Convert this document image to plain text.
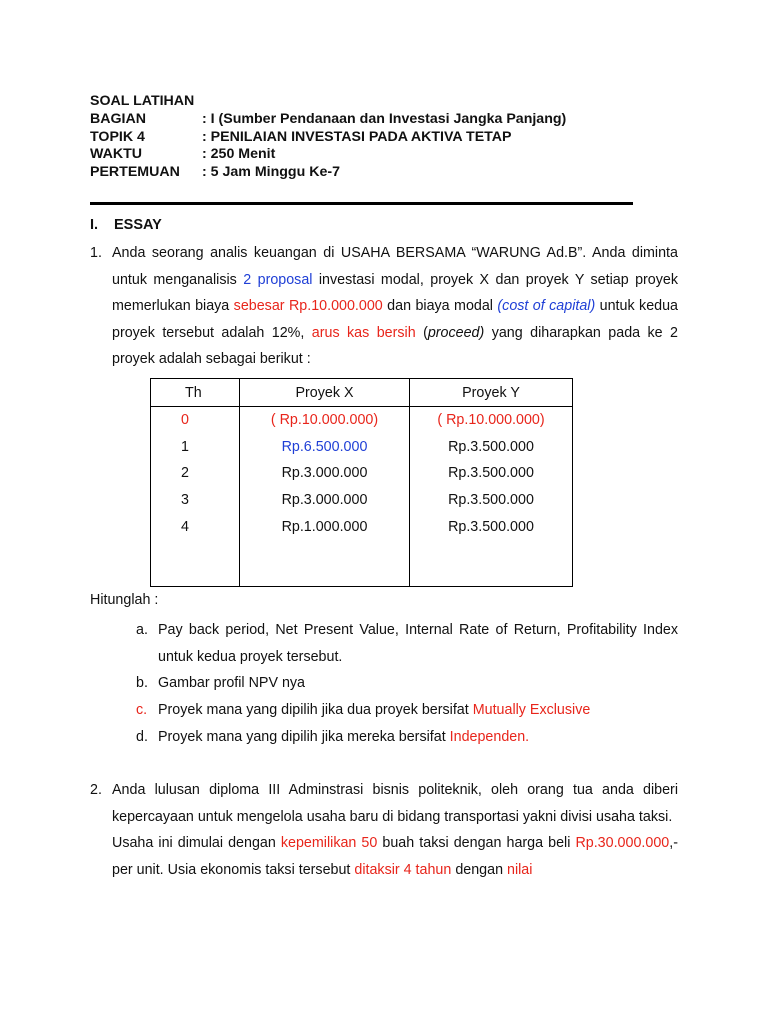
SOAL LATIHAN
BAGIAN	: I (Sumber Pendanaan dan Investasi Jangka Panjang)
TOPIK 4	: PENILAIAN INVESTASI PADA AKTIVA TETAP
WAKTU	: 250 Menit
PERTEMUAN	: 5 Jam Minggu Ke-7
I. ESSAY
1. Anda seorang analis keuangan di USAHA BERSAMA “WARUNG Ad.B”. Anda diminta untuk menganalisis 2 proposal investasi modal, proyek X dan proyek Y setiap proyek memerlukan biaya sebesar Rp.10.000.000 dan biaya modal (cost of capital) untuk kedua proyek tersebut adalah 12%, arus kas bersih (proceed) yang diharapkan pada ke 2 proyek adalah sebagai berikut :
Th	Proyek X	Proyek Y
0	( Rp.10.000.000)	( Rp.10.000.000)
1	Rp.6.500.000	Rp.3.500.000
2	Rp.3.000.000	Rp.3.500.000
3	Rp.3.000.000	Rp.3.500.000
4	Rp.1.000.000	Rp.3.500.000

Hitunglah :
a. Pay back period, Net Present Value, Internal Rate of Return, Profitability Index untuk kedua proyek tersebut.
b. Gambar profil NPV nya
c. Proyek mana yang dipilih jika dua proyek bersifat Mutually Exclusive
d. Proyek mana yang dipilih jika mereka bersifat Independen.
2. Anda lulusan diploma III Adminstrasi bisnis politeknik, oleh orang tua anda diberi kepercayaan untuk mengelola usaha baru di bidang transportasi yakni divisi usaha taksi.
Usaha ini dimulai dengan kepemilikan 50 buah taksi dengan harga beli Rp.30.000.000,- per unit. Usia ekonomis taksi tersebut ditaksir 4 tahun dengan nilai
